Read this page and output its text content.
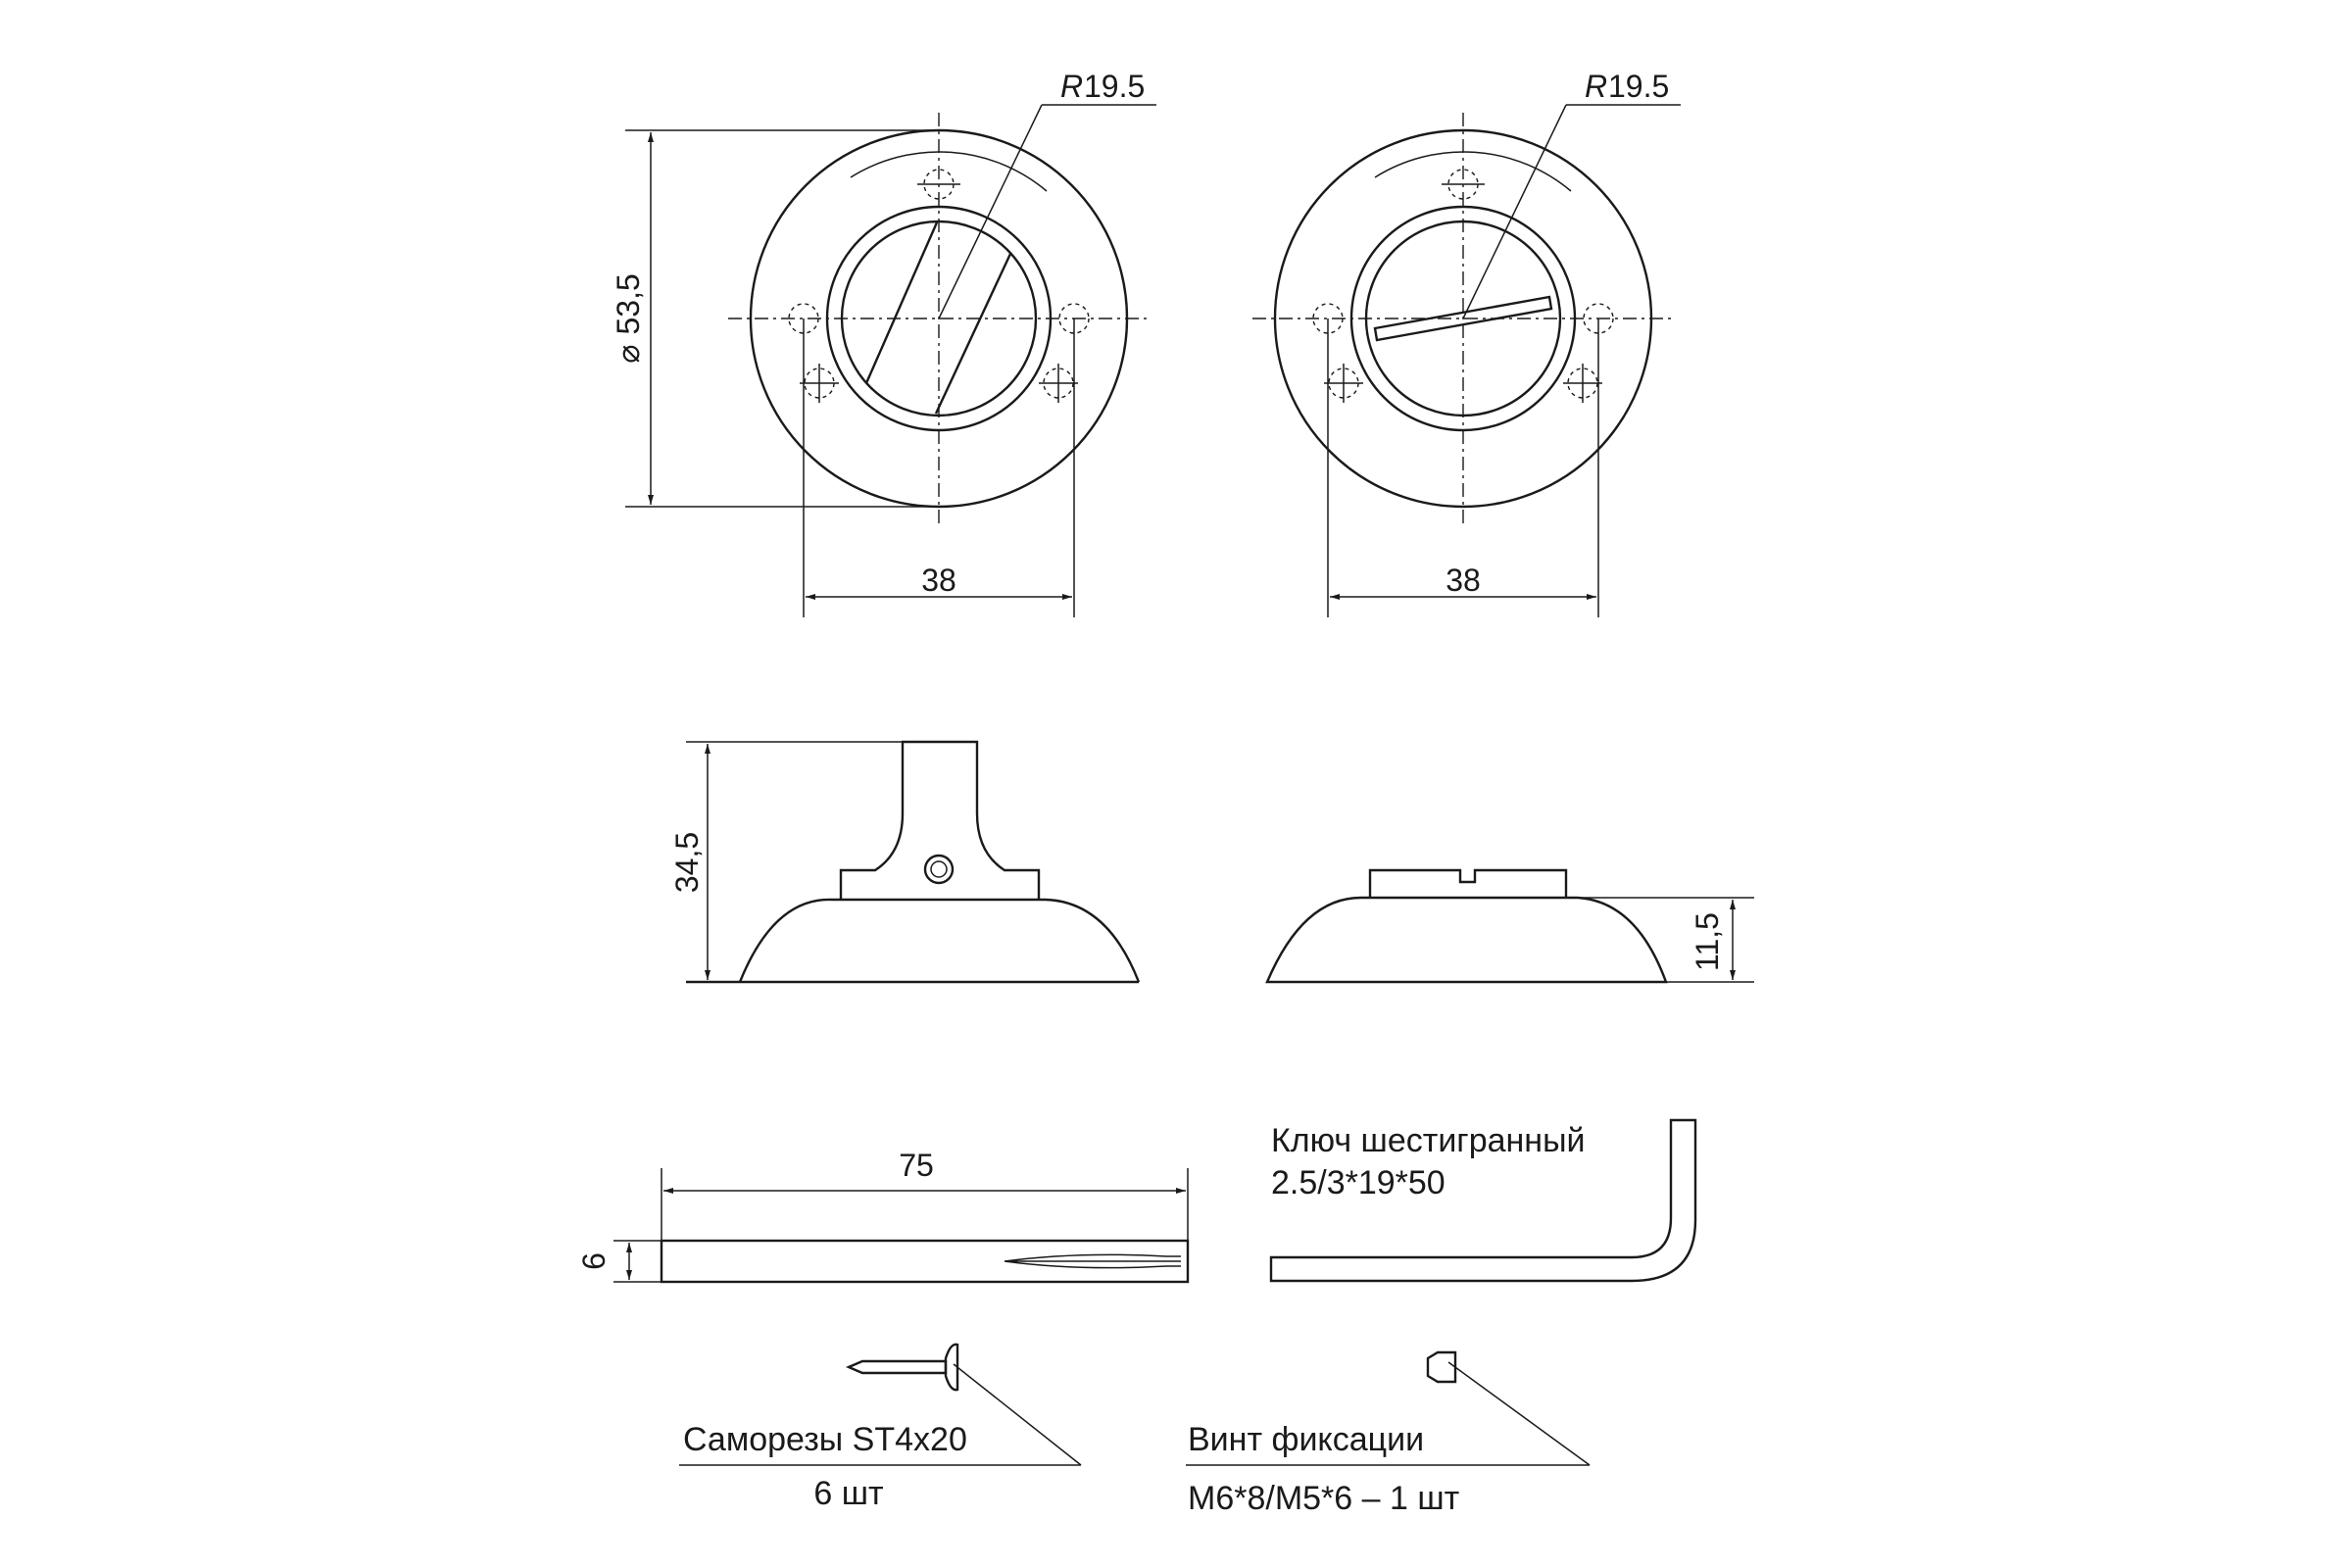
38
R 19.5
⌀53,5
38
R 19.5
34,5
11,5
75
6
Ключ шестигранный
2.5/3*19*50
Саморезы ST4x20
6 шт
Винт фиксации
M6*8/M5*6 – 1 шт
